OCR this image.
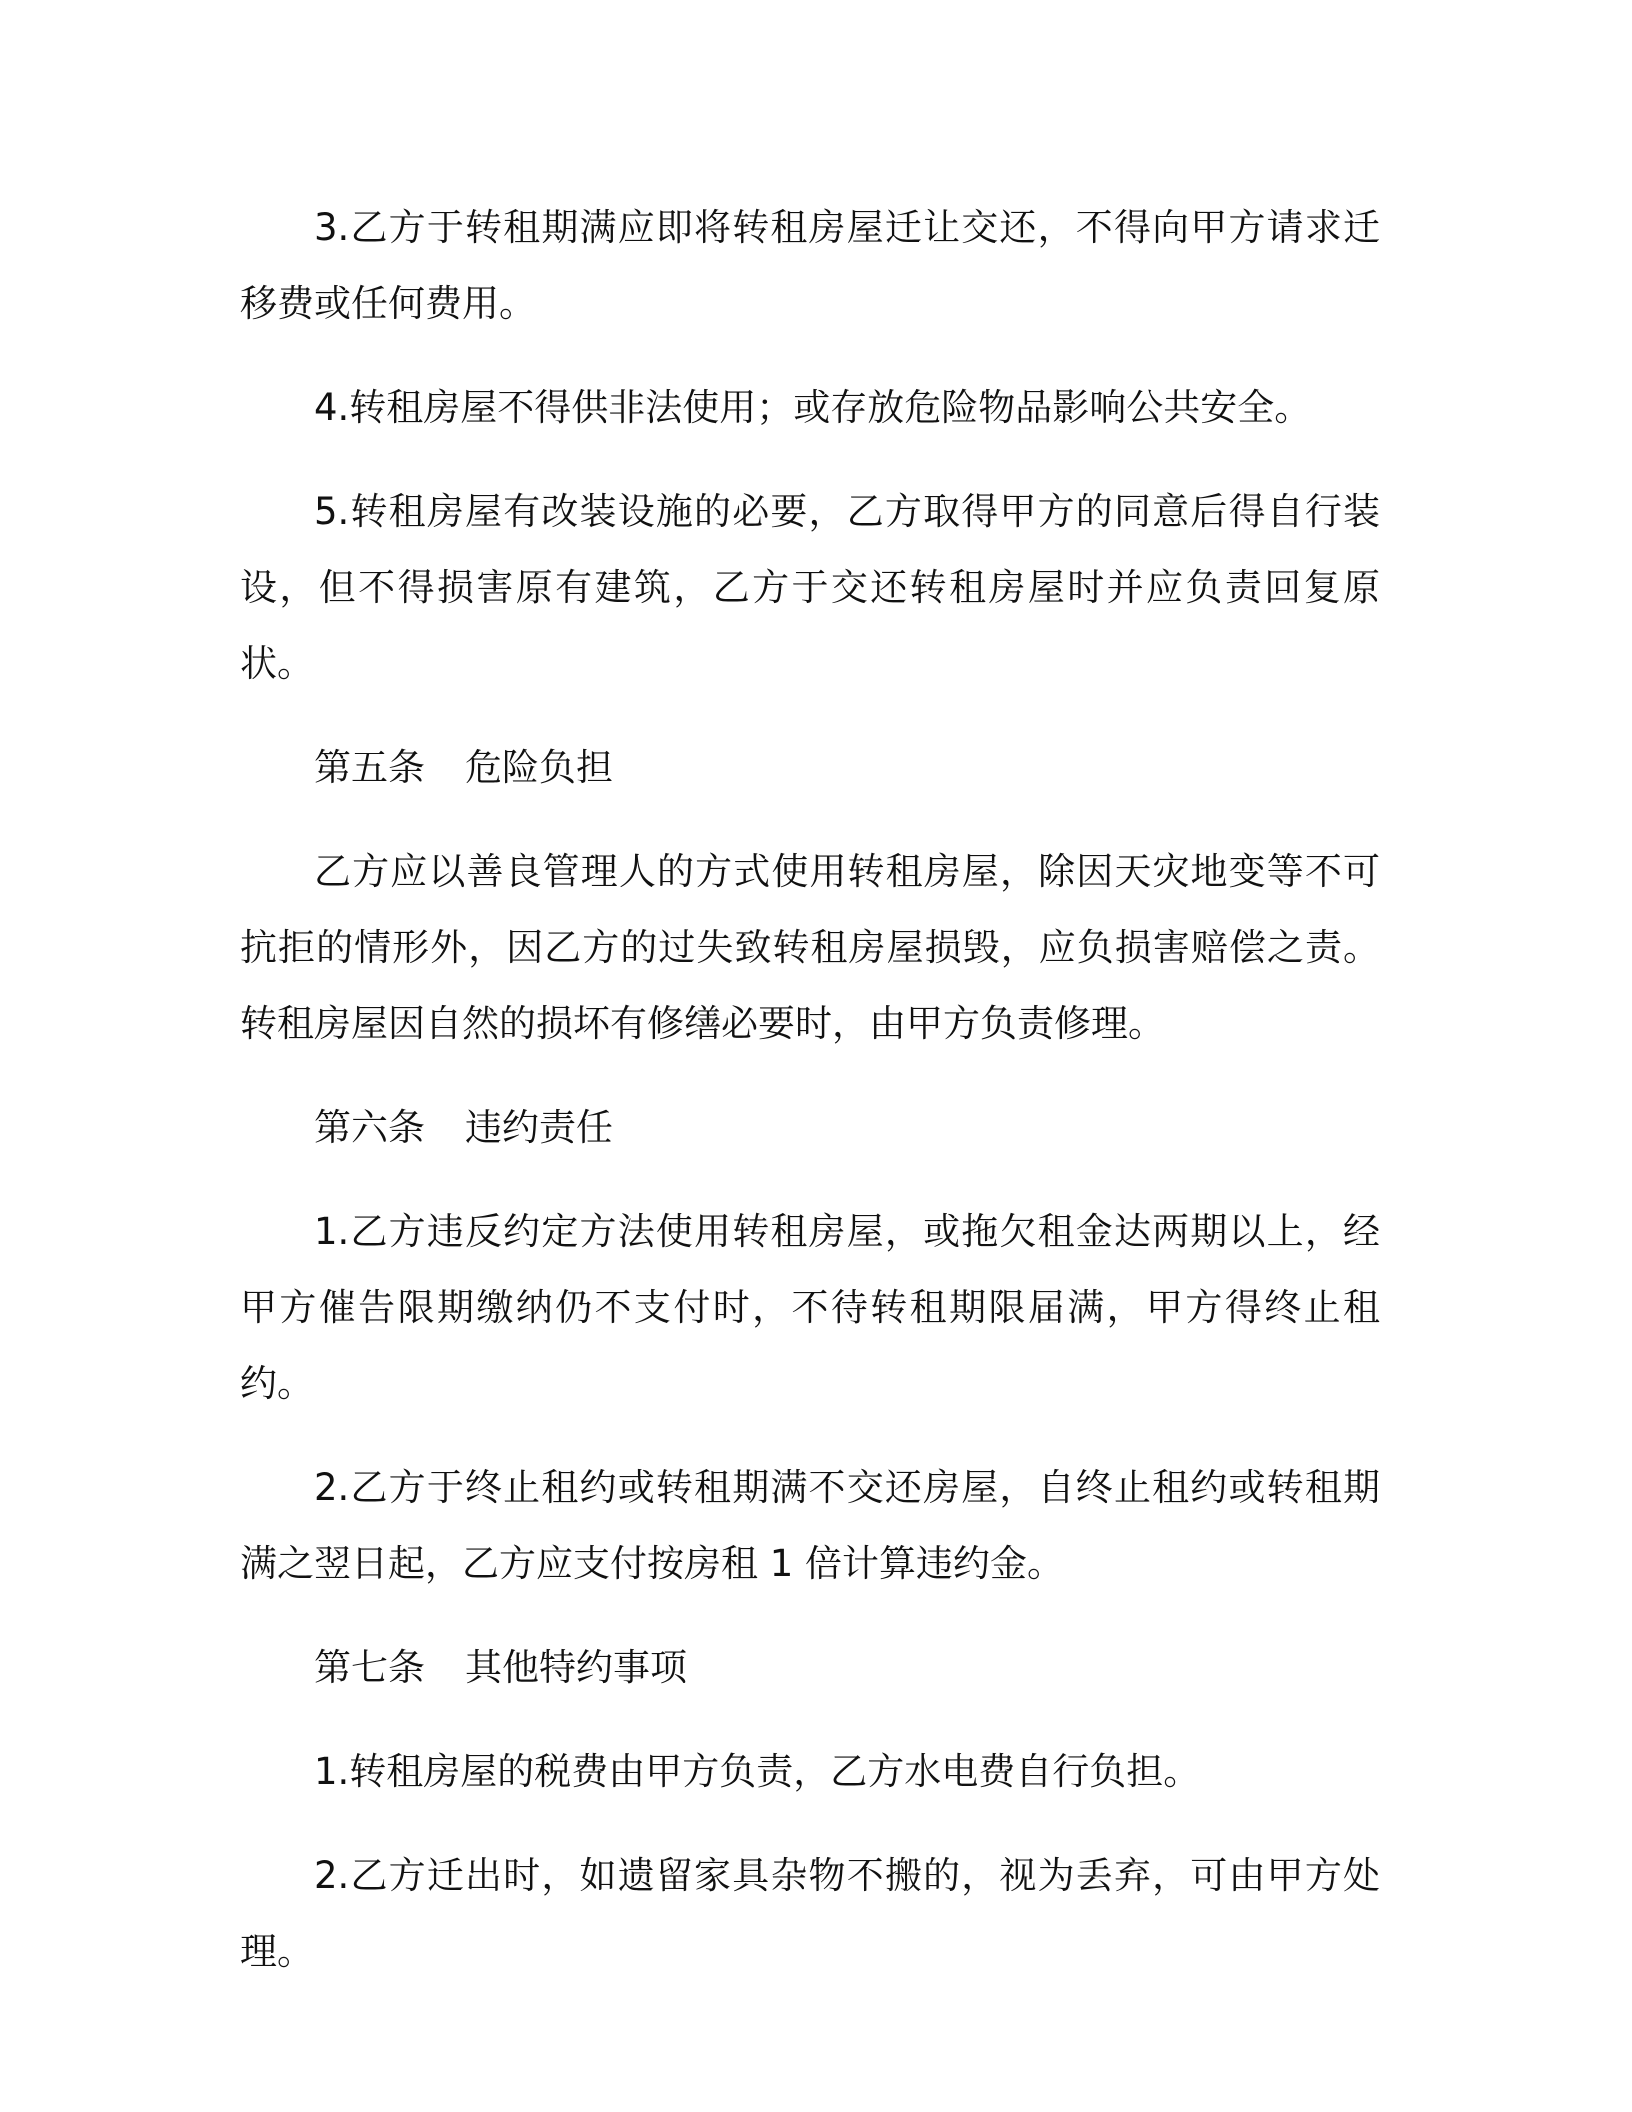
3.乙方于转租期满应即将转租房屋迁让交还，不得向甲方请求迁移费或任何费用。

4.转租房屋不得供非法使用；或存放危险物品影响公共安全。

5.转租房屋有改装设施的必要，乙方取得甲方的同意后得自行装设，但不得损害原有建筑，乙方于交还转租房屋时并应负责回复原状。

第五条 危险负担

乙方应以善良管理人的方式使用转租房屋，除因天灾地变等不可抗拒的情形外，因乙方的过失致转租房屋损毁，应负损害赔偿之责。转租房屋因自然的损坏有修缮必要时，由甲方负责修理。

第六条 违约责任

1.乙方违反约定方法使用转租房屋，或拖欠租金达两期以上，经甲方催告限期缴纳仍不支付时，不待转租期限届满，甲方得终止租约。

2.乙方于终止租约或转租期满不交还房屋，自终止租约或转租期满之翌日起，乙方应支付按房租 1 倍计算违约金。

第七条 其他特约事项

1.转租房屋的税费由甲方负责，乙方水电费自行负担。

2.乙方迁出时，如遗留家具杂物不搬的，视为丢弃，可由甲方处理。
